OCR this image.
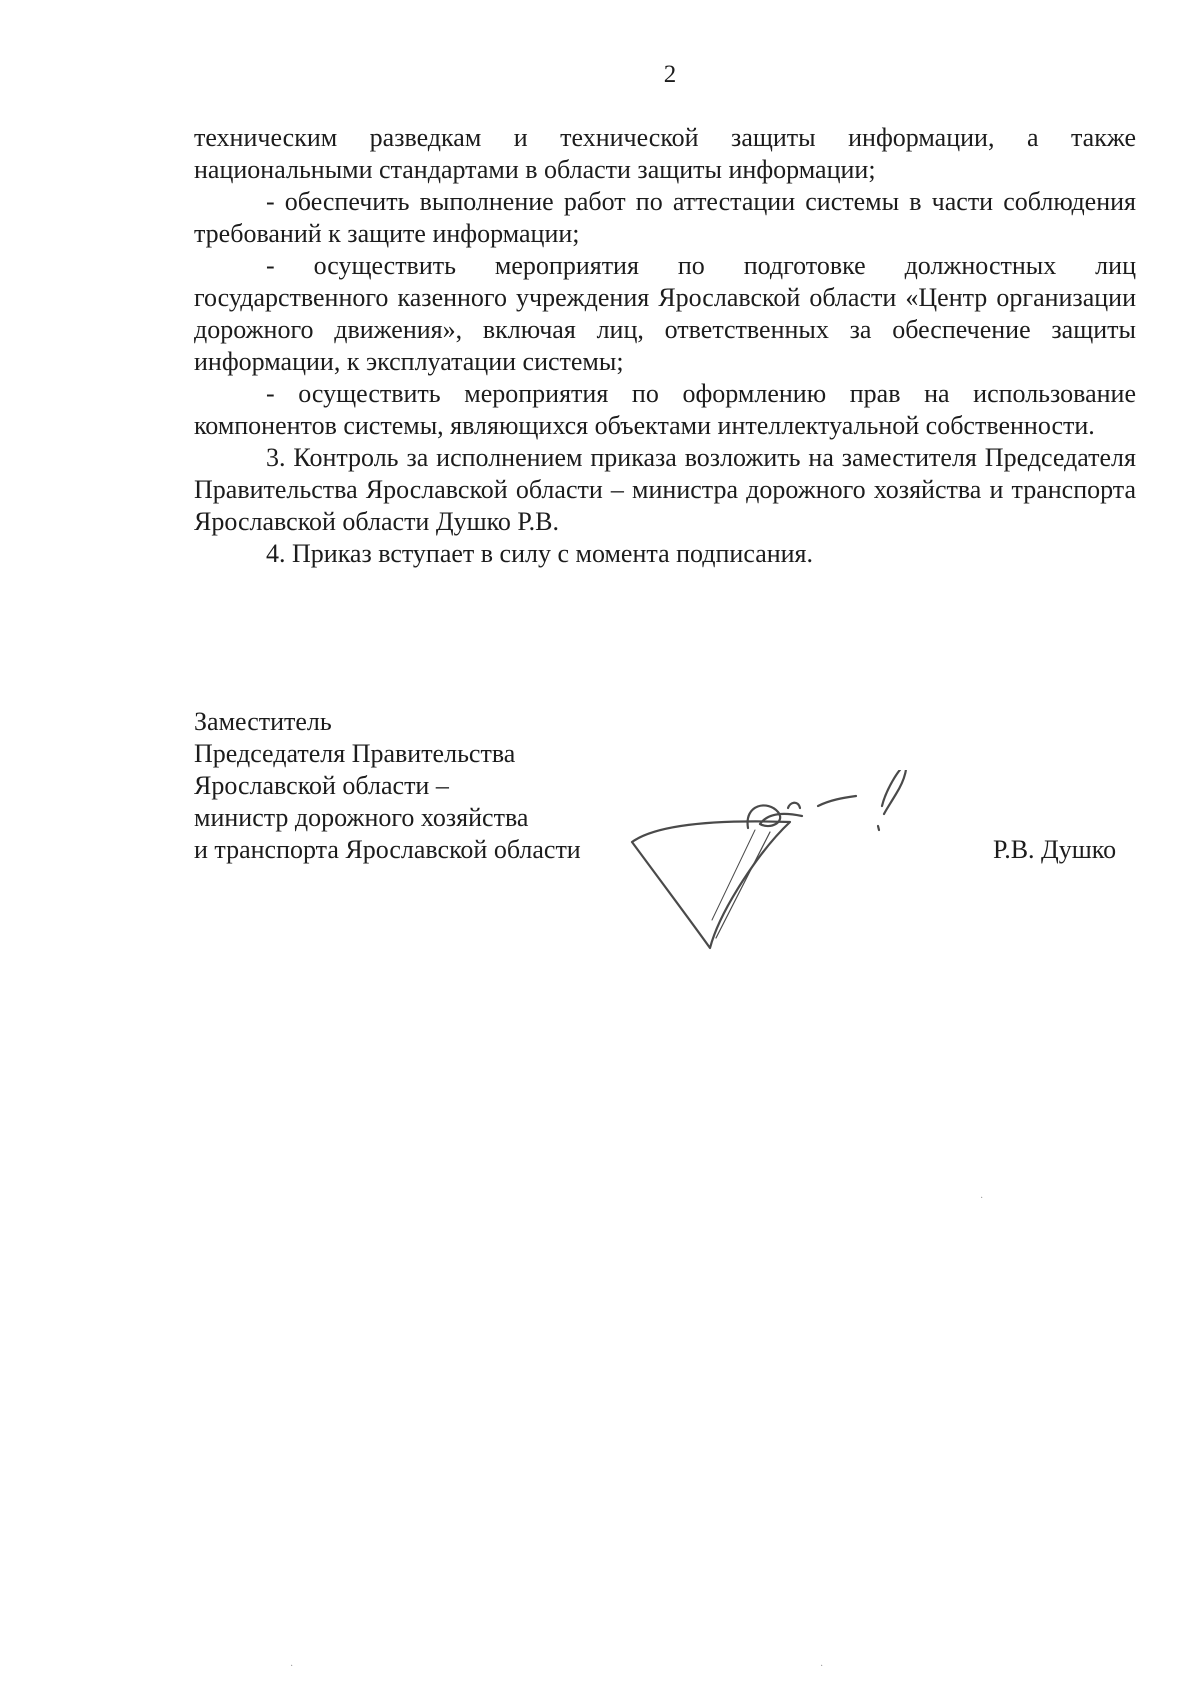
2

техническим разведкам и технической защиты информации, а также национальными стандартами в области защиты информации;

- обеспечить выполнение работ по аттестации системы в части соблюдения требований к защите информации;

- осуществить мероприятия по подготовке должностных лиц государственного казенного учреждения Ярославской области «Центр организации дорожного движения», включая лиц, ответственных за обеспечение защиты информации, к эксплуатации системы;

- осуществить мероприятия по оформлению прав на использование компонентов системы, являющихся объектами интеллектуальной собственности.

3. Контроль за исполнением приказа возложить на заместителя Председателя Правительства Ярославской области – министра дорожного хозяйства и транспорта Ярославской области Душко Р.В.

4. Приказ вступает в силу с момента подписания.

Заместитель
Председателя Правительства
Ярославской области –
министр дорожного хозяйства
и транспорта Ярославской области	Р.В. Душко
·	·
·
